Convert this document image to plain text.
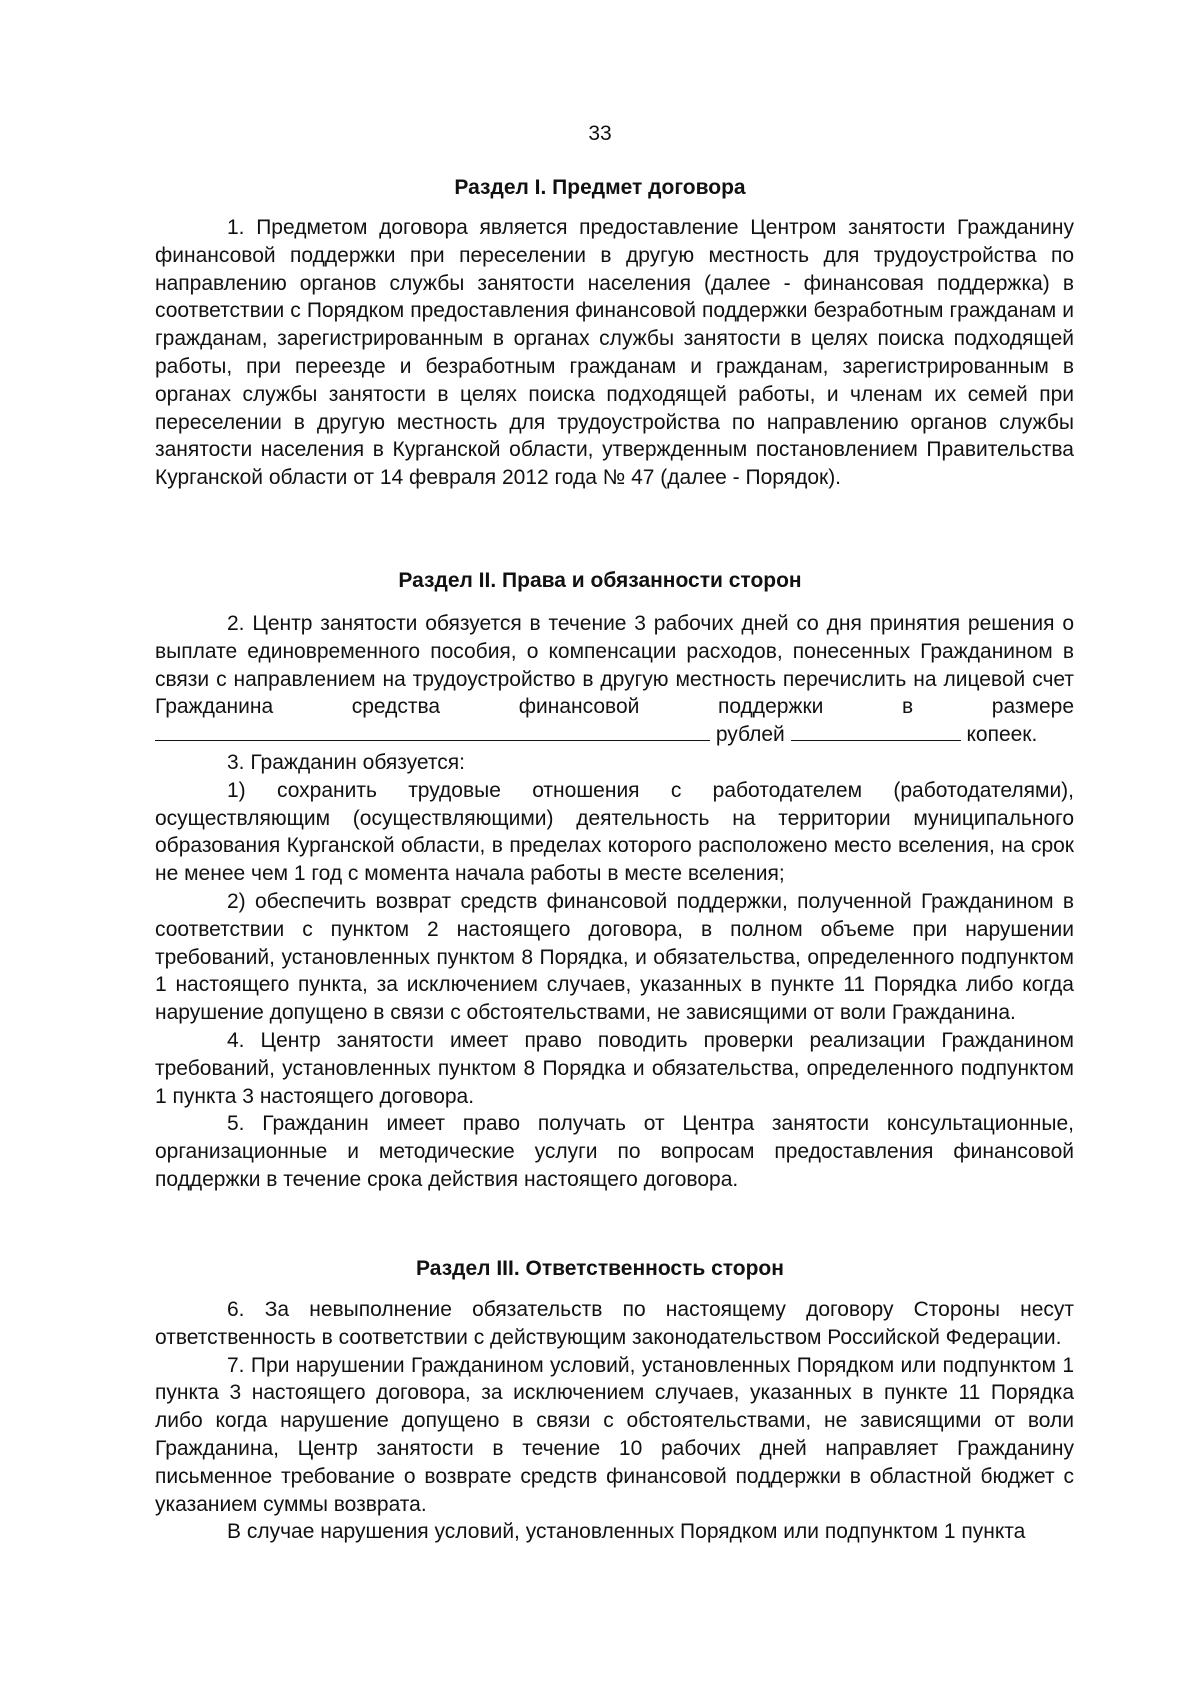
33
Раздел I. Предмет договора

1. Предметом договора является предоставление Центром занятости Гражданину финансовой поддержки при переселении в другую местность для трудоустройства по направлению органов службы занятости населения (далее - финансовая поддержка) в соответствии с Порядком предоставления финансовой поддержки безработным гражданам и гражданам, зарегистрированным в органах службы занятости в целях поиска подходящей работы, при переезде и безработным гражданам и гражданам, зарегистрированным в органах службы занятости в целях поиска подходящей работы, и членам их семей при переселении в другую местность для трудоустройства по направлению органов службы занятости населения в Курганской области, утвержденным постановлением Правительства Курганской области от 14 февраля 2012 года № 47 (далее - Порядок).

Раздел II. Права и обязанности сторон

2. Центр занятости обязуется в течение 3 рабочих дней со дня принятия решения о выплате единовременного пособия, о компенсации расходов, понесенных Гражданином в связи с направлением на трудоустройство в другую местность перечислить на лицевой счет Гражданина средства финансовой поддержки в размере  рублей	копеек.

3. Гражданин обязуется:

1) сохранить трудовые отношения с работодателем (работодателями), осуществляющим (осуществляющими) деятельность на территории муниципального образования Курганской области, в пределах которого расположено место вселения, на срок не менее чем 1 год с момента начала работы в месте вселения;

2) обеспечить возврат средств финансовой поддержки, полученной Гражданином в соответствии с пунктом 2 настоящего договора, в полном объеме при нарушении требований, установленных пунктом 8 Порядка, и обязательства, определенного подпунктом 1 настоящего пункта, за исключением случаев, указанных в пункте 11 Порядка либо когда нарушение допущено в связи с обстоятельствами, не зависящими от воли Гражданина.

4. Центр занятости имеет право поводить проверки реализации Гражданином требований, установленных пунктом 8 Порядка и обязательства, определенного подпунктом 1 пункта 3 настоящего договора.

5. Гражданин имеет право получать от Центра занятости консультационные, организационные и методические услуги по вопросам предоставления финансовой поддержки в течение срока действия настоящего договора.

Раздел III. Ответственность сторон

6. За невыполнение обязательств по настоящему договору Стороны несут ответственность в соответствии с действующим законодательством Российской Федерации.

7. При нарушении Гражданином условий, установленных Порядком или подпунктом 1 пункта 3 настоящего договора, за исключением случаев, указанных в пункте 11 Порядка либо когда нарушение допущено в связи с обстоятельствами, не зависящими от воли Гражданина, Центр занятости в течение 10 рабочих дней направляет Гражданину письменное требование о возврате средств финансовой поддержки в областной бюджет с указанием суммы возврата.

В случае нарушения условий, установленных Порядком или подпунктом 1 пункта
